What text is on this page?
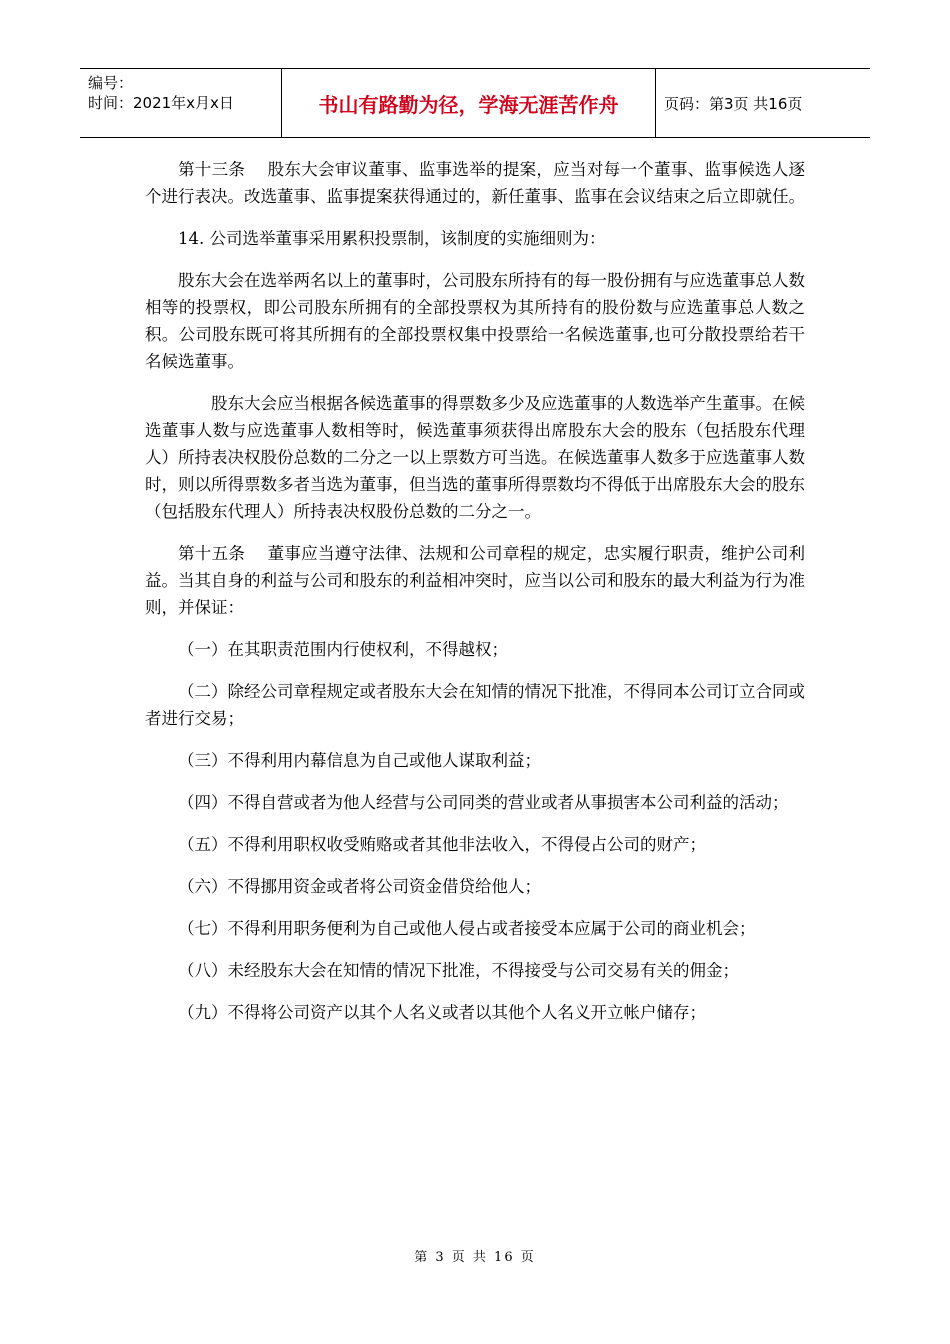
编号：
时间：2021年x月x日	书山有路勤为径，学海无涯苦作舟	页码：第3页 共16页

第十三条　 股东大会审议董事、监事选举的提案，应当对每一个董事、监事候选人逐个进行表决。改选董事、监事提案获得通过的，新任董事、监事在会议结束之后立即就任。

14. 公司选举董事采用累积投票制，该制度的实施细则为：

股东大会在选举两名以上的董事时，公司股东所持有的每一股份拥有与应选董事总人数相等的投票权，即公司股东所拥有的全部投票权为其所持有的股份数与应选董事总人数之积。公司股东既可将其所拥有的全部投票权集中投票给一名候选董事,也可分散投票给若干名候选董事。

股东大会应当根据各候选董事的得票数多少及应选董事的人数选举产生董事。在候选董事人数与应选董事人数相等时，候选董事须获得出席股东大会的股东（包括股东代理人）所持表决权股份总数的二分之一以上票数方可当选。在候选董事人数多于应选董事人数时，则以所得票数多者当选为董事，但当选的董事所得票数均不得低于出席股东大会的股东（包括股东代理人）所持表决权股份总数的二分之一。

第十五条　 董事应当遵守法律、法规和公司章程的规定，忠实履行职责，维护公司利益。当其自身的利益与公司和股东的利益相冲突时，应当以公司和股东的最大利益为行为准则，并保证：

（一）在其职责范围内行使权利，不得越权；

（二）除经公司章程规定或者股东大会在知情的情况下批准，不得同本公司订立合同或者进行交易；

（三）不得利用内幕信息为自己或他人谋取利益；

（四）不得自营或者为他人经营与公司同类的营业或者从事损害本公司利益的活动；

（五）不得利用职权收受贿赂或者其他非法收入，不得侵占公司的财产；

（六）不得挪用资金或者将公司资金借贷给他人；

（七）不得利用职务便利为自己或他人侵占或者接受本应属于公司的商业机会；

（八）未经股东大会在知情的情况下批准，不得接受与公司交易有关的佣金；

（九）不得将公司资产以其个人名义或者以其他个人名义开立帐户储存；

第 3 页 共 16 页
